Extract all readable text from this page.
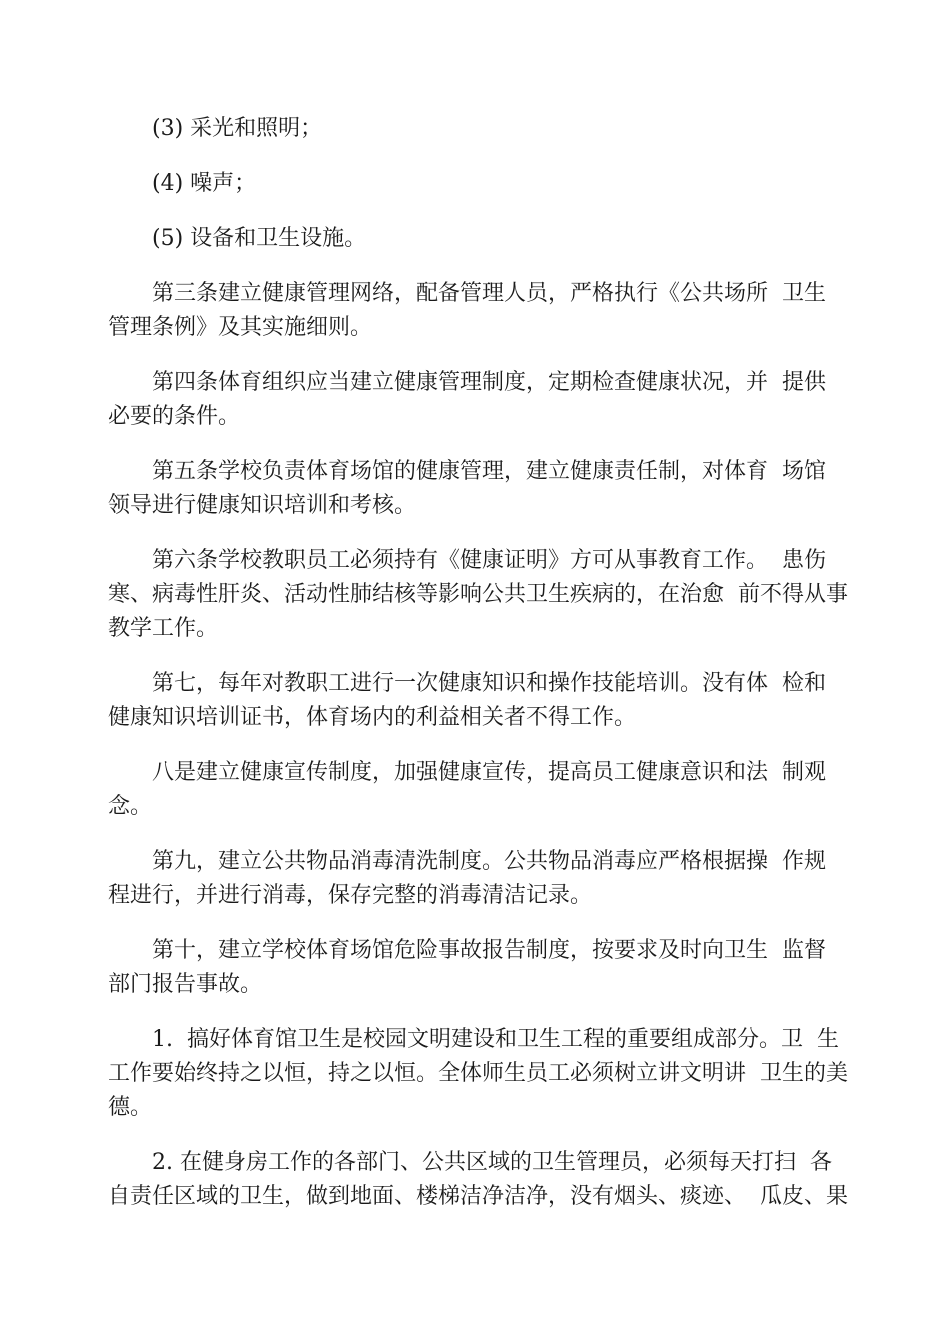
(3) 采光和照明；
(4) 噪声；
(5) 设备和卫生设施。
第三条建立健康管理网络，配备管理人员，严格执行《公共场所  卫生
管理条例》及其实施细则。
第四条体育组织应当建立健康管理制度，定期检查健康状况，并  提供
必要的条件。
第五条学校负责体育场馆的健康管理，建立健康责任制，对体育  场馆
领导进行健康知识培训和考核。
第六条学校教职员工必须持有《健康证明》方可从事教育工作。  患伤
寒、病毒性肝炎、活动性肺结核等影响公共卫生疾病的，在治愈  前不得从事
教学工作。
第七，每年对教职工进行一次健康知识和操作技能培训。没有体  检和
健康知识培训证书，体育场内的利益相关者不得工作。
八是建立健康宣传制度，加强健康宣传，提高员工健康意识和法  制观
念。
第九，建立公共物品消毒清洗制度。公共物品消毒应严格根据操  作规
程进行，并进行消毒，保存完整的消毒清洁记录。
第十，建立学校体育场馆危险事故报告制度，按要求及时向卫生  监督
部门报告事故。
1.  搞好体育馆卫生是校园文明建设和卫生工程的重要组成部分。卫  生
工作要始终持之以恒，持之以恒。全体师生员工必须树立讲文明讲  卫生的美
德。
2. 在健身房工作的各部门、公共区域的卫生管理员，必须每天打扫  各
自责任区域的卫生，做到地面、楼梯洁净洁净，没有烟头、痰迹、  瓜皮、果
